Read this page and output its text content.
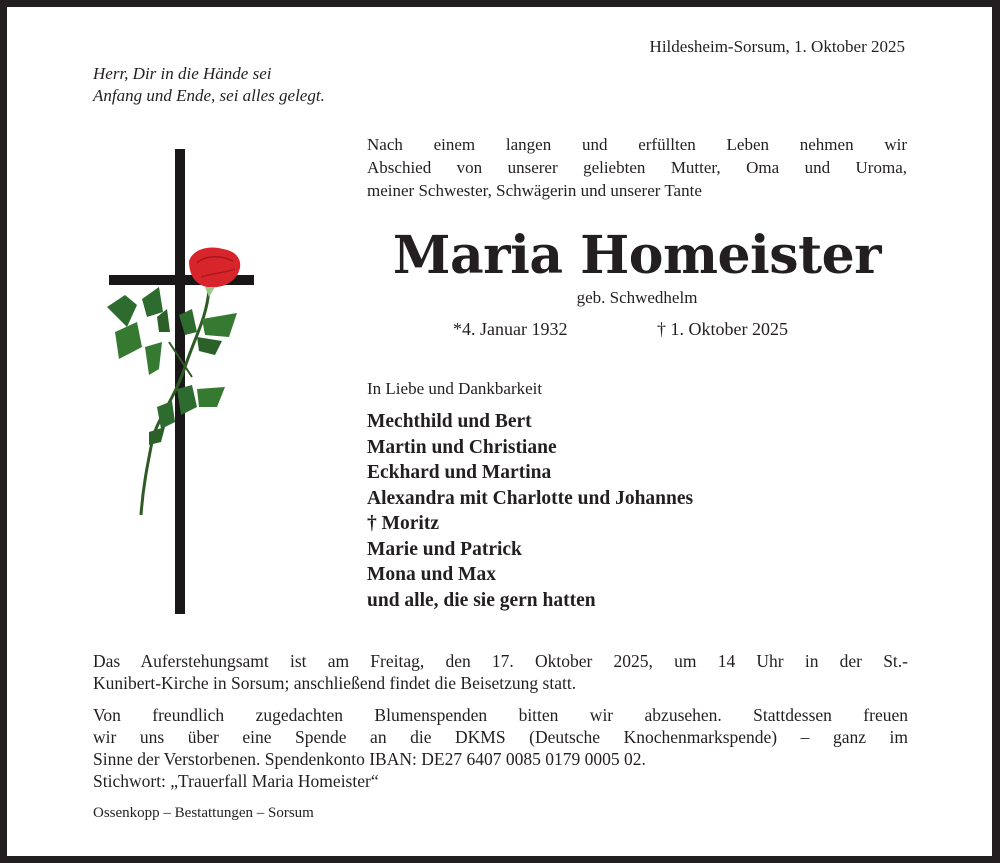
Herr, Dir in die Hände sei
Anfang und Ende, sei alles gelegt.
Hildesheim-Sorsum, 1. Oktober 2025
Nach einem langen und erfüllten Leben nehmen wir
Abschied von unserer geliebten Mutter, Oma und Uroma,
meiner Schwester, Schwägerin und unserer Tante
Maria Homeister
geb. Schwedhelm
*4. Januar 1932	† 1. Oktober 2025
In Liebe und Dankbarkeit
Mechthild und Bert
Martin und Christiane
Eckhard und Martina
Alexandra mit Charlotte und Johannes
† Moritz
Marie und Patrick
Mona und Max
und alle, die sie gern hatten
Das Auferstehungsamt ist am Freitag, den 17. Oktober 2025, um 14 Uhr in der St.-
Kunibert-Kirche in Sorsum; anschließend findet die Beisetzung statt.
Von freundlich zugedachten Blumenspenden bitten wir abzusehen. Stattdessen freuen
wir uns über eine Spende an die DKMS (Deutsche Knochenmarkspende) – ganz im
Sinne der Verstorbenen. Spendenkonto IBAN: DE27 6407 0085 0179 0005 02.
Stichwort: „Trauerfall Maria Homeister“
Ossenkopp – Bestattungen – Sorsum
